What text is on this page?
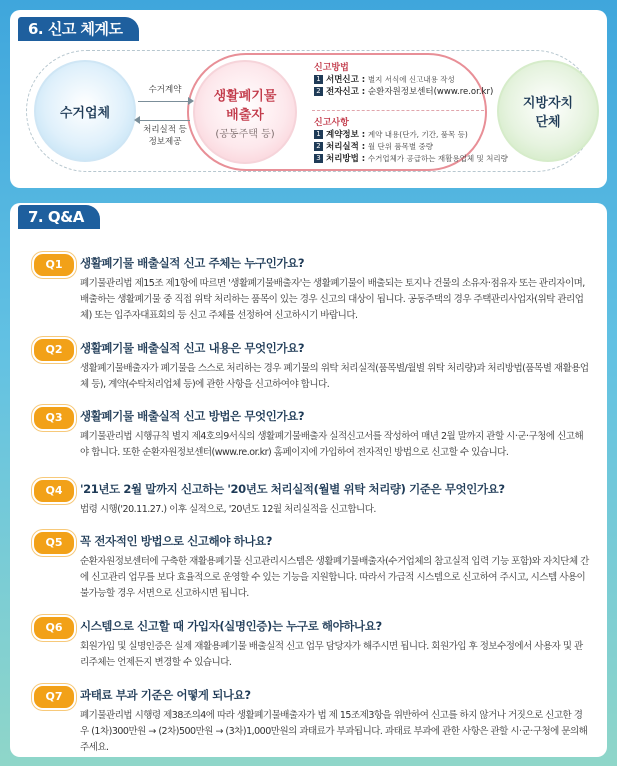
6. 신고 체계도
수거업체
수거계약
처리실적 등
정보제공
생활폐기물
배출자
(공동주택 등)
신고방법
1 서면신고 : 별지 서식에 신고내용 작성
2 전자신고 : 순환자원정보센터(www.re.or.kr)
신고사항
1 계약정보 : 계약 내용(단가, 기간, 품목 등)
2 처리실적 : 월 단위 품목별 중량
3 처리방법 : 수거업체가 공급하는 재활용업체 및 처리량
지방자치
단체
7. Q&A
Q1	생활폐기물 배출실적 신고 주체는 누구인가요?
폐기물관리법 제15조 제1항에 따르면 '생활폐기물배출자'는 생활폐기물이 배출되는 토지나 건물의 소유자·점유자 또는 관리자이며, 배출하는 생활폐기물 중 직접 위탁 처리하는 품목이 있는 경우 신고의 대상이 됩니다. 공동주택의 경우 주택관리사업자(위탁 관리업체) 또는 입주자대표회의 등 신고 주체를 선정하여 신고하시기 바랍니다.
Q2	생활폐기물 배출실적 신고 내용은 무엇인가요?
생활폐기물배출자가 폐기물을 스스로 처리하는 경우 폐기물의 위탁 처리실적(품목별/월별 위탁 처리량)과 처리방법(품목별 재활용업체 등), 계약(수탁처리업체 등)에 관한 사항을 신고하여야 합니다.
Q3	생활폐기물 배출실적 신고 방법은 무엇인가요?
폐기물관리법 시행규칙 별지 제4호의9서식의 생활폐기물배출자 실적신고서를 작성하여 매년 2월 말까지 관할 시·군·구청에 신고해야 합니다. 또한 순환자원정보센터(www.re.or.kr) 홈페이지에 가입하여 전자적인 방법으로 신고할 수 있습니다.
Q4	'21년도 2월 말까지 신고하는 '20년도 처리실적(월별 위탁 처리량) 기준은 무엇인가요?
법령 시행('20.11.27.) 이후 실적으로, '20년도 12월 처리실적을 신고합니다.
Q5	꼭 전자적인 방법으로 신고해야 하나요?
순환자원정보센터에 구축한 재활용폐기물 신고관리시스템은 생활폐기물배출자(수거업체의 참고실적 입력 기능 포함)와 자치단체 간에 신고관리 업무를 보다 효율적으로 운영할 수 있는 기능을 지원합니다. 따라서 가급적 시스템으로 신고하여 주시고, 시스템 사용이 불가능할 경우 서면으로 신고하시면 됩니다.
Q6	시스템으로 신고할 때 가입자(실명인증)는 누구로 해야하나요?
회원가입 및 실명인증은 실제 재활용폐기물 배출실적 신고 업무 담당자가 해주시면 됩니다. 회원가입 후 정보수정에서 사용자 및 관리주체는 언제든지 변경할 수 있습니다.
Q7	과태료 부과 기준은 어떻게 되나요?
폐기물관리법 시행령 제38조의4에 따라 생활폐기물배출자가 법 제 15조제3항을 위반하여 신고를 하지 않거나 거짓으로 신고한 경우 (1차)300만원 → (2차)500만원 → (3차)1,000만원의 과태료가 부과됩니다. 과태료 부과에 관한 사항은 관할 시·군·구청에 문의해주세요.
